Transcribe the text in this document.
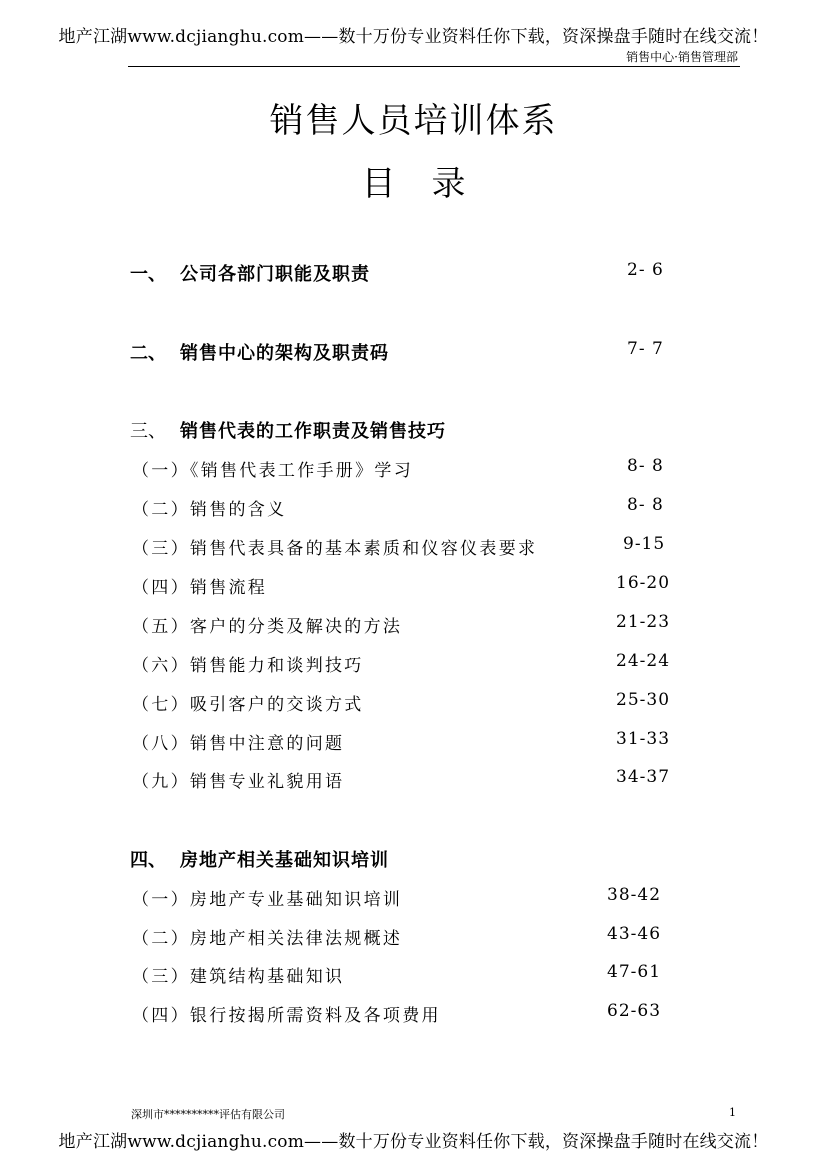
地产江湖www.dcjianghu.com——数十万份专业资料任你下载，资深操盘手随时在线交流！
销售中心·销售管理部
销售人员培训体系
目录
一、 公司各部门职能及职责	2- 6
二、 销售中心的架构及职责码	7- 7
三、 销售代表的工作职责及销售技巧
（一）《销售代表工作手册》学习	8- 8
（二）销售的含义	8- 8
（三）销售代表具备的基本素质和仪容仪表要求	9-15
（四）销售流程	16-20
（五）客户的分类及解决的方法	21-23
（六）销售能力和谈判技巧	24-24
（七）吸引客户的交谈方式	25-30
（八）销售中注意的问题	31-33
（九）销售专业礼貌用语	34-37
四、 房地产相关基础知识培训
（一）房地产专业基础知识培训	38-42
（二）房地产相关法律法规概述	43-46
（三）建筑结构基础知识	47-61
（四）银行按揭所需资料及各项费用	62-63
深圳市**********评估有限公司	1
地产江湖www.dcjianghu.com——数十万份专业资料任你下载，资深操盘手随时在线交流！
